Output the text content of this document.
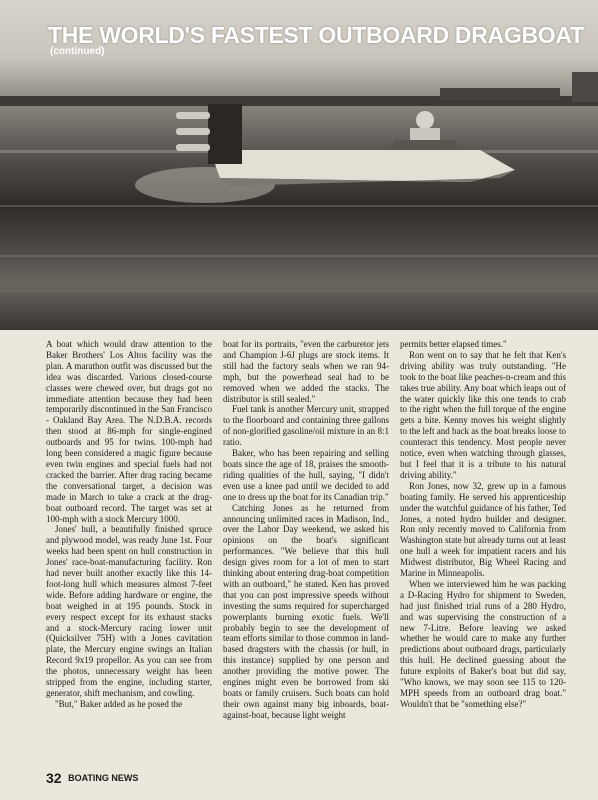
THE WORLD'S FASTEST OUTBOARD DRAGBOAT
(continued)

A boat which would draw attention to the Baker Brothers' Los Altos facility was the plan. A marathon outfit was discussed but the idea was discarded. Various closed-course classes were chewed over, but drags got no immediate attention because they had been temporarily discontinued in the San Francisco - Oakland Bay Area. The N.D.B.A. records then stood at 86-mph for single-engined outboards and 95 for twins. 100-mph had long been considered a magic figure because even twin engines and special fuels had not cracked the barrier. After drag racing became the conversational target, a decision was made in March to take a crack at the drag-boat outboard record. The target was set at 100-mph with a stock Mercury 1000.

Jones' hull, a beautifully finished spruce and plywood model, was ready June 1st. Four weeks had been spent on hull construction in Jones' race-boat-manufacturing facility. Ron had never built another exactly like this 14-foot-long hull which measures almost 7-feet wide. Before adding hardware or engine, the boat weighed in at 195 pounds. Stock in every respect except for its exhaust stacks and a stock-Mercury racing lower unit (Quicksilver 75H) with a Jones cavitation plate, the Mercury engine swings an Italian Record 9x19 propellor. As you can see from the photos, unnecessary weight has been stripped from the engine, including starter, generator, shift mechanism, and cowling.

"But," Baker added as he posed the

boat for its portraits, "even the carburetor jets and Champion J-6J plugs are stock items. It still had the factory seals when we ran 94-mph, but the powerhead seal had to be removed when we added the stacks. The distributor is still sealed."

Fuel tank is another Mercury unit, strapped to the floorboard and containing three gallons of non-glorified gasoline/oil mixture in an 8:1 ratio.

Baker, who has been repairing and selling boats since the age of 18, praises the smooth-riding qualities of the hull, saying, "I didn't even use a knee pad until we decided to add one to dress up the boat for its Canadian trip."

Catching Jones as he returned from announcing unlimited races in Madison, Ind., over the Labor Day weekend, we asked his opinions on the boat's significant performances. "We believe that this hull design gives room for a lot of men to start thinking about entering drag-boat competition with an outboard," he stated. Ken has proved that you can post impressive speeds without investing the sums required for supercharged powerplants burning exotic fuels. We'll probably begin to see the development of team efforts similar to those common in land-based dragsters with the chassis (or hull, in this instance) supplied by one person and another providing the motive power. The engines might even be borrowed from ski boats or family cruisers. Such boats can hold their own against many big inboards, boat-against-boat, because light weight

permits better elapsed times."

Ron went on to say that he felt that Ken's driving ability was truly outstanding. "He took to the boat like peaches-n-cream and this takes true ability. Any boat which leaps out of the water quickly like this one tends to crab to the right when the full torque of the engine gets a bite. Kenny moves his weight slightly to the left and back as the boat breaks loose to counteract this tendency. Most people never notice, even when watching through glasses, but I feel that it is a tribute to his natural driving ability."

Ron Jones, now 32, grew up in a famous boating family. He served his apprenticeship under the watchful guidance of his father, Ted Jones, a noted hydro builder and designer. Ron only recently moved to California from Washington state but already turns out at least one hull a week for impatient racers and his Midwest distributor, Big Wheel Racing and Marine in Minneapolis.

When we interviewed him he was packing a D-Racing Hydro for shipment to Sweden, had just finished trial runs of a 280 Hydro, and was supervising the construction of a new 7-Litre. Before leaving we asked whether he would care to make any further predictions about outboard drags, particularly this hull. He declined guessing about the future exploits of Baker's boat but did say, "Who knows, we may soon see 115 to 120-MPH speeds from an outboard drag boat." Wouldn't that be "something else?"

32 BOATING NEWS
